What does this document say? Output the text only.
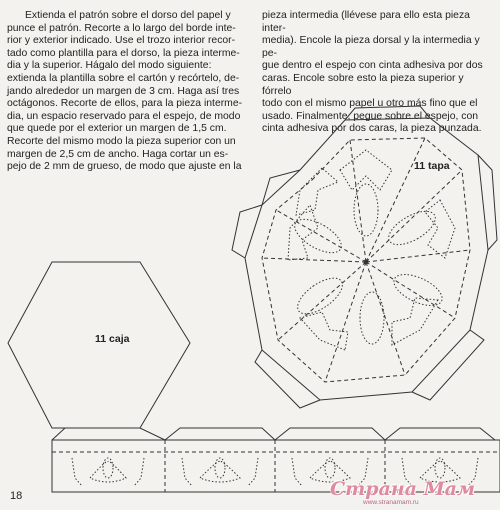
Extienda el patrón sobre el dorso del papel y

punce el patrón. Recorte a lo largo del borde inte-

rior y exterior indicado. Use el trozo interior recor-

tado como plantilla para el dorso, la pieza interme-

dia y la superior. Hágalo del modo siguiente:

extienda la plantilla sobre el cartón y recórtelo, de-

jando alrededor un margen de 3 cm. Haga así tres

octágonos. Recorte de ellos, para la pieza interme-

dia, un espacio reservado para el espejo, de modo

que quede por el exterior un margen de 1,5 cm.

Recorte del mismo modo la pieza superior con un

margen de 2,5 cm de ancho. Haga cortar un es-

pejo de 2 mm de grueso, de modo que ajuste en la

pieza intermedia (llévese para ello esta pieza inter-

media). Encole la pieza dorsal y la intermedia y pe-

gue dentro el espejo con cinta adhesiva por dos

caras. Encole sobre esto la pieza superior y fórrelo

todo con el mismo papel u otro más fino que el

usado. Finalmente, pegue sobre el espejo, con

cinta adhesiva por dos caras, la pieza punzada.

11 tapa
11 caja
18	Страна Мам
www.stranamam.ru
